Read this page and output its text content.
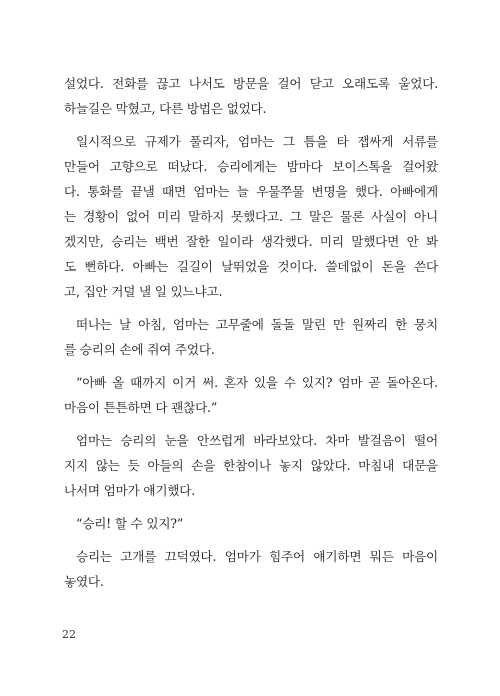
설었다. 전화를 끊고 나서도 방문을 걸어 닫고 오래도록 울었다.
하늘길은 막혔고, 다른 방법은 없었다.

일시적으로 규제가 풀리자, 엄마는 그 틈을 타 잽싸게 서류를
만들어 고향으로 떠났다. 승리에게는 밤마다 보이스톡을 걸어왔
다. 통화를 끝낼 때면 엄마는 늘 우물쭈물 변명을 했다. 아빠에게
는 경황이 없어 미리 말하지 못했다고. 그 말은 물론 사실이 아니
겠지만, 승리는 백번 잘한 일이라 생각했다. 미리 말했다면 안 봐
도 뻔하다. 아빠는 길길이 날뛰었을 것이다. 쓸데없이 돈을 쓴다
고, 집안 거덜 낼 일 있느냐고.

떠나는 날 아침, 엄마는 고무줄에 돌돌 말린 만 원짜리 한 뭉치
를 승리의 손에 쥐여 주었다.

“아빠 올 때까지 이거 써. 혼자 있을 수 있지? 엄마 곧 돌아온다.
마음이 튼튼하면 다 괜찮다.”

엄마는 승리의 눈을 안쓰럽게 바라보았다. 차마 발걸음이 떨어
지지 않는 듯 아들의 손을 한참이나 놓지 않았다. 마침내 대문을
나서며 엄마가 얘기했다.

“승리! 할 수 있지?”

승리는 고개를 끄덕였다. 엄마가 힘주어 얘기하면 뭐든 마음이
놓였다.

22
